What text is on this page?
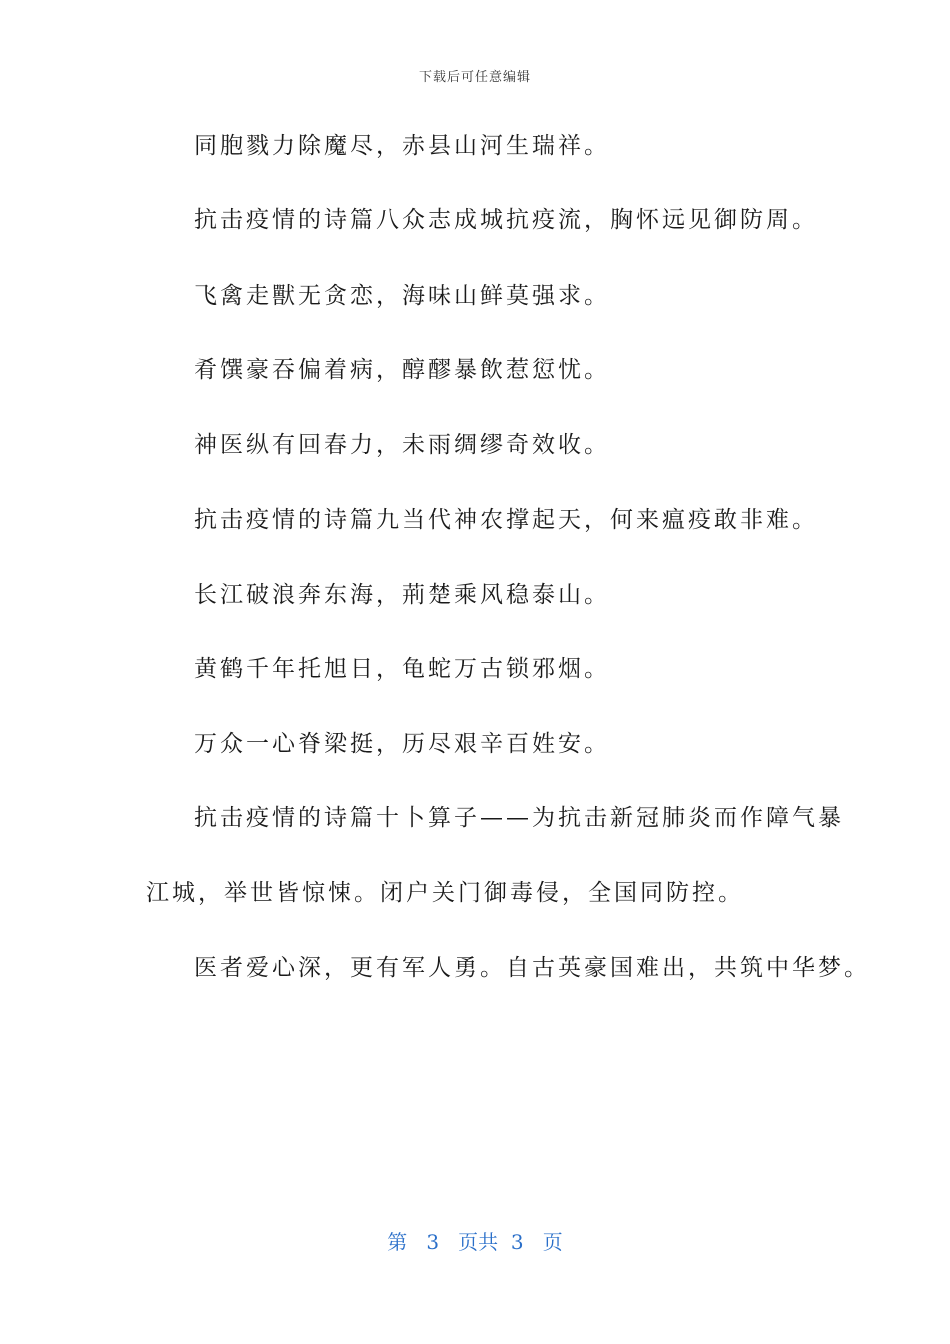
下载后可任意编辑
同胞戮力除魔尽，赤县山河生瑞祥。
抗击疫情的诗篇八众志成城抗疫流，胸怀远见御防周。
飞禽走獸无贪恋，海味山鲜莫强求。
肴馔豪吞偏着病，醇醪暴飲惹愆忧。
神医纵有回春力，未雨绸缪奇效收。
抗击疫情的诗篇九当代神农撑起天，何来瘟疫敢非难。
长江破浪奔东海，荊楚乘风稳泰山。
黄鹤千年托旭日，龟蛇万古锁邪烟。
万众一心脊梁挺，历尽艰辛百姓安。
抗击疫情的诗篇十卜算子——为抗击新冠肺炎而作障气暴
江城，举世皆惊悚。闭户关门御毒侵，全国同防控。
医者爱心深，更有军人勇。自古英豪国难出，共筑中华梦。
第 3 页共 3 页
